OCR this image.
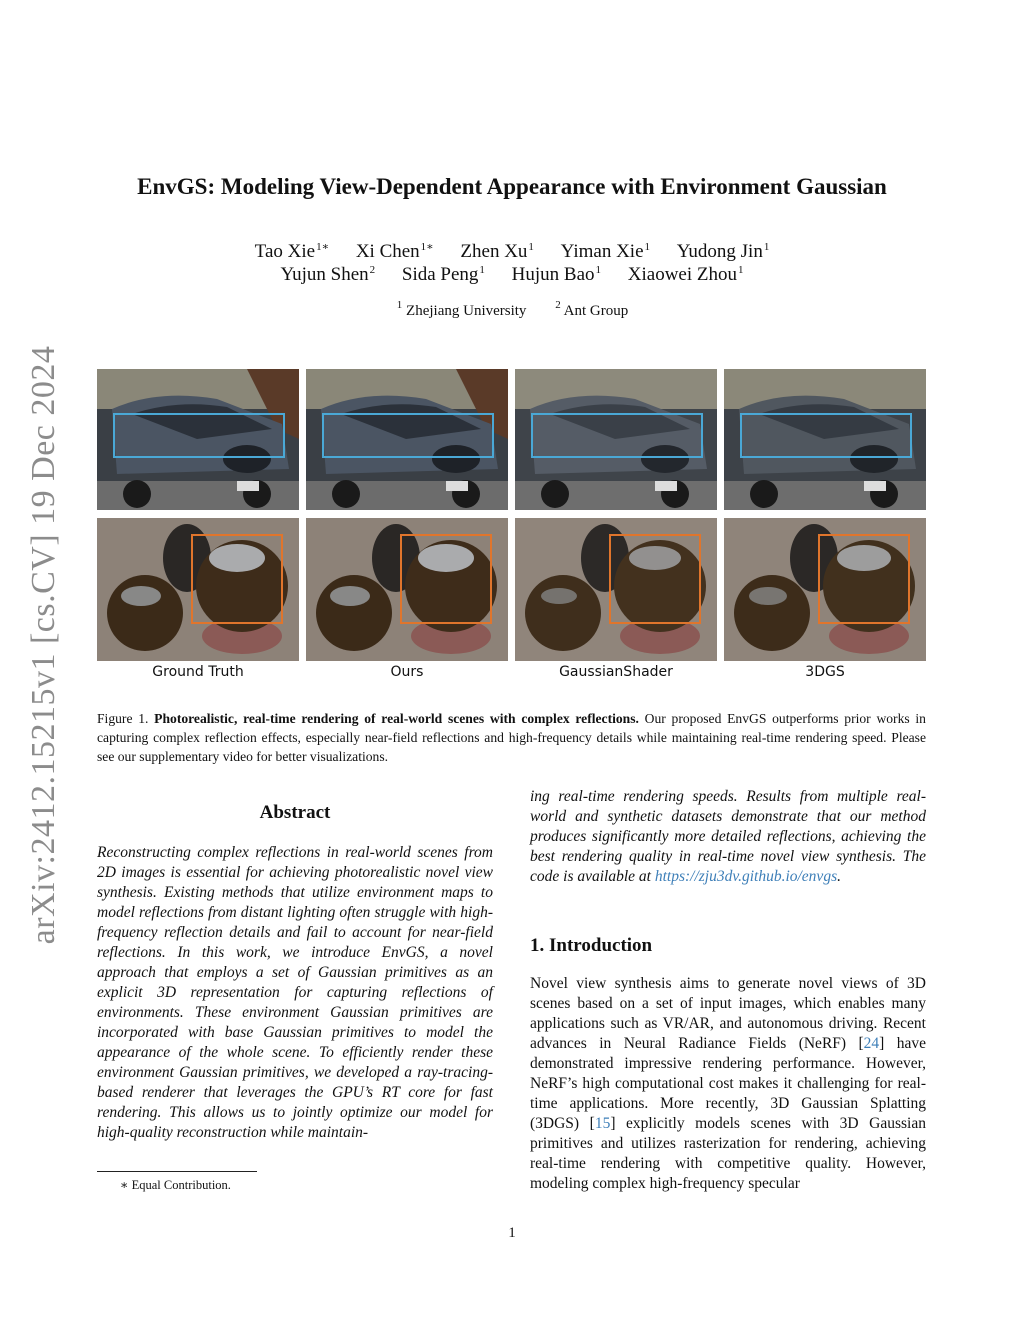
arXiv:2412.15215v1 [cs.CV] 19 Dec 2024
EnvGS: Modeling View-Dependent Appearance with Environment Gaussian
Tao Xie$^{1∗}$ Xi Chen$^{1∗}$ Zhen Xu$^1$ Yiman Xie$^1$ Yudong Jin$^1$
Yujun Shen$^2$ Sida Peng$^1$ Hujun Bao$^1$ Xiaowei Zhou$^1$
$^1$ Zhejiang University	$^2$ Ant Group
Ground Truth	Ours	GaussianShader	3DGS
Figure 1. Photorealistic, real-time rendering of real-world scenes with complex reflections. Our proposed EnvGS outperforms prior works in capturing complex reflection effects, especially near-field reflections and high-frequency details while maintaining real-time rendering speed. Please see our supplementary video for better visualizations.
Abstract
Reconstructing complex reflections in real-world scenes from 2D images is essential for achieving photorealistic novel view synthesis. Existing methods that utilize environment maps to model reflections from distant lighting often struggle with high-frequency reflection details and fail to account for near-field reflections. In this work, we introduce EnvGS, a novel approach that employs a set of Gaussian primitives as an explicit 3D representation for capturing reflections of environments. These environment Gaussian primitives are incorporated with base Gaussian primitives to model the appearance of the whole scene. To efficiently render these environment Gaussian primitives, we developed a ray-tracing-based renderer that leverages the GPU’s RT core for fast rendering. This allows us to jointly optimize our model for high-quality reconstruction while maintain-
ing real-time rendering speeds. Results from multiple real-world and synthetic datasets demonstrate that our method produces significantly more detailed reflections, achieving the best rendering quality in real-time novel view synthesis. The code is available at https://zju3dv.github.io/envgs.
1. Introduction
Novel view synthesis aims to generate novel views of 3D scenes based on a set of input images, which enables many applications such as VR/AR, and autonomous driving. Recent advances in Neural Radiance Fields (NeRF) [24] have demonstrated impressive rendering performance. However, NeRF’s high computational cost makes it challenging for real-time applications. More recently, 3D Gaussian Splatting (3DGS) [15] explicitly models scenes with 3D Gaussian primitives and utilizes rasterization for rendering, achieving real-time rendering with competitive quality. However, modeling complex high-frequency specular
∗ Equal Contribution.
1
